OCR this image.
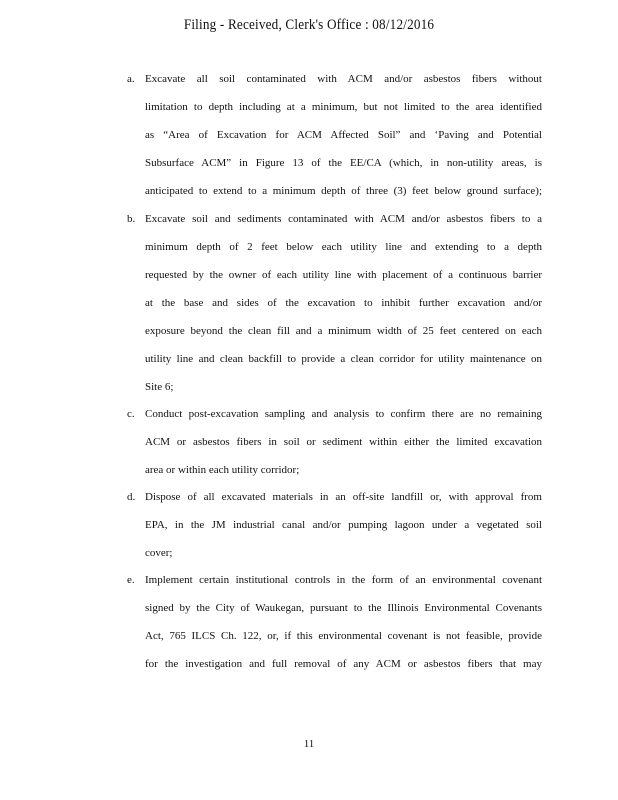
Filing - Received, Clerk's Office : 08/12/2016
a. Excavate all soil contaminated with ACM and/or asbestos fibers without
limitation to depth including at a minimum, but not limited to the area identified
as “Area of Excavation for ACM Affected Soil” and ‘Paving and Potential
Subsurface ACM” in Figure 13 of the EE/CA (which, in non-utility areas, is
anticipated to extend to a minimum depth of three (3) feet below ground surface);
b. Excavate soil and sediments contaminated with ACM and/or asbestos fibers to a
minimum depth of 2 feet below each utility line and extending to a depth
requested by the owner of each utility line with placement of a continuous barrier
at the base and sides of the excavation to inhibit further excavation and/or
exposure beyond the clean fill and a minimum width of 25 feet centered on each
utility line and clean backfill to provide a clean corridor for utility maintenance on
Site 6;
c. Conduct post-excavation sampling and analysis to confirm there are no remaining
ACM or asbestos fibers in soil or sediment within either the limited excavation
area or within each utility corridor;
d. Dispose of all excavated materials in an off-site landfill or, with approval from
EPA, in the JM industrial canal and/or pumping lagoon under a vegetated soil
cover;
e. Implement certain institutional controls in the form of an environmental covenant
signed by the City of Waukegan, pursuant to the Illinois Environmental Covenants
Act, 765 ILCS Ch. 122, or, if this environmental covenant is not feasible, provide
for the investigation and full removal of any ACM or asbestos fibers that may
11
